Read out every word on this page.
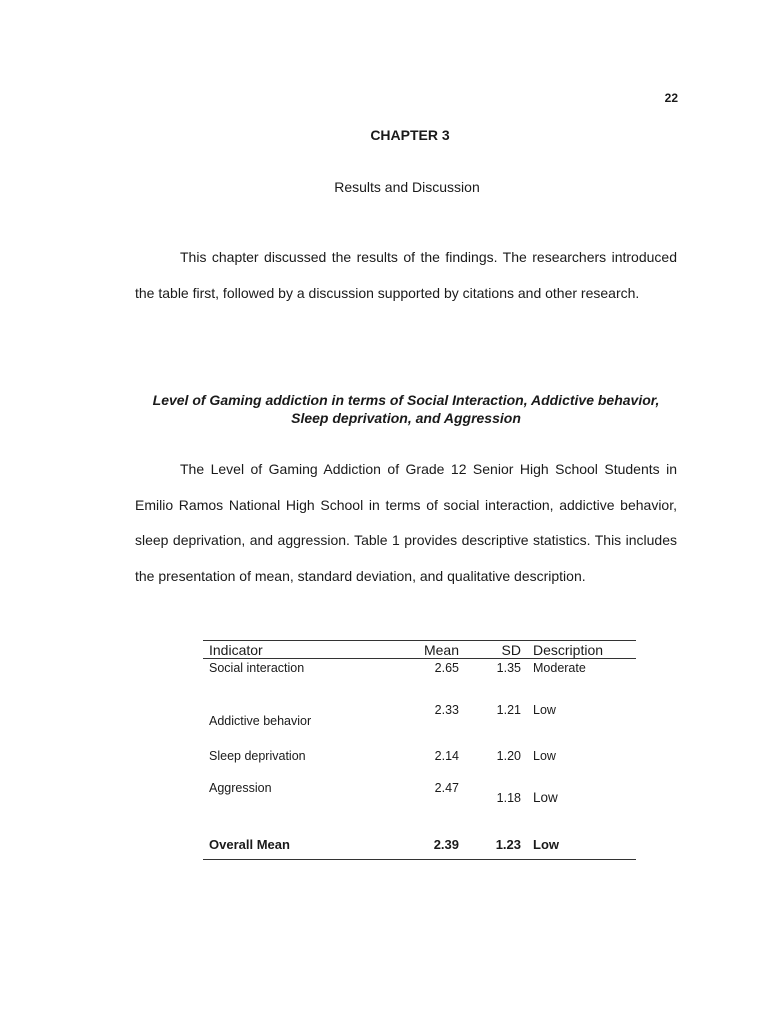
22
CHAPTER 3
Results and Discussion

This chapter discussed the results of the findings. The researchers introduced the table first, followed by a discussion supported by citations and other research.

Level of Gaming addiction in terms of Social Interaction, Addictive behavior, Sleep deprivation, and Aggression

The Level of Gaming Addiction of Grade 12 Senior High School Students in Emilio Ramos National High School in terms of social interaction, addictive behavior, sleep deprivation, and aggression. Table 1 provides descriptive statistics. This includes the presentation of mean, standard deviation, and qualitative description.

Indicator	Mean	SD	Description
Social interaction	2.65	1.35	Moderate
Addictive behavior	2.33	1.21	Low
Sleep deprivation	2.14	1.20	Low
Aggression	2.47	1.18	Low
Overall Mean	2.39	1.23	Low
